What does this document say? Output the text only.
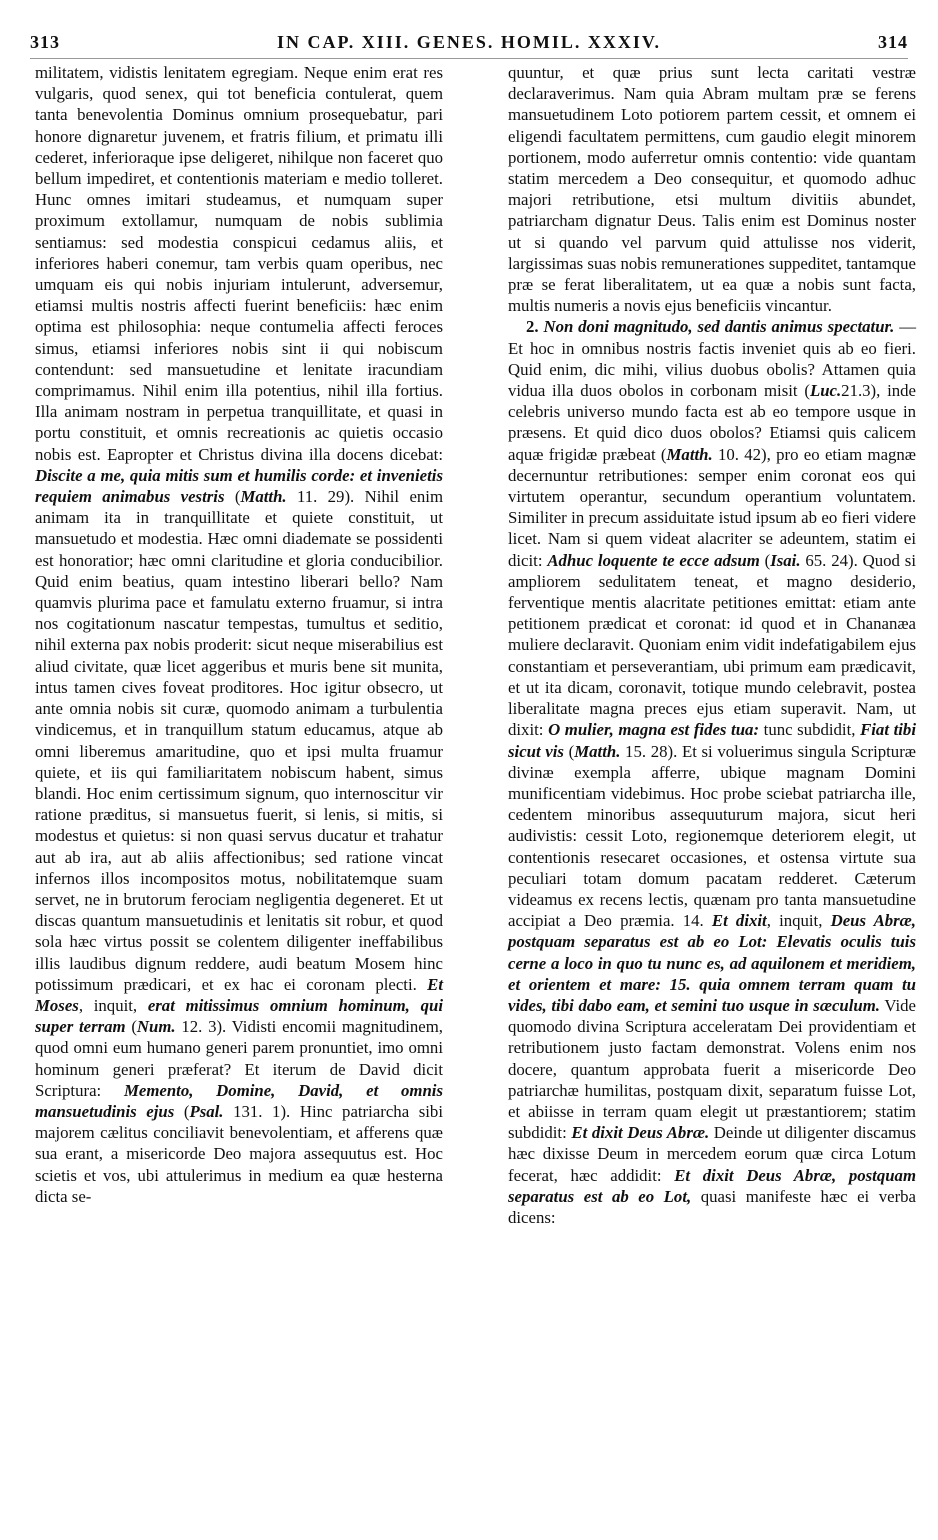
313	IN CAP. XIII. GENES. HOMIL. XXXIV.	314

militatem, vidistis lenitatem egregiam. Neque enim erat res vulgaris, quod senex, qui tot beneficia contulerat, quem tanta benevolentia Dominus omnium prosequebatur, pari honore dignaretur juvenem, et fratris filium, et primatu illi cederet, inferioraque ipse deligeret, nihilque non faceret quo bellum impediret, et contentionis materiam e medio tolleret. Hunc omnes imitari studeamus, et numquam super proximum extollamur, numquam de nobis sublimia sentiamus: sed modestia conspicui cedamus aliis, et inferiores haberi conemur, tam verbis quam operibus, nec umquam eis qui nobis injuriam intulerunt, adversemur, etiamsi multis nostris affecti fuerint beneficiis: hæc enim optima est philosophia: neque contumelia affecti feroces simus, etiamsi inferiores nobis sint ii qui nobiscum contendunt: sed mansuetudine et lenitate iracundiam comprimamus. Nihil enim illa potentius, nihil illa fortius. Illa animam nostram in perpetua tranquillitate, et quasi in portu constituit, et omnis recreationis ac quietis occasio nobis est. Eapropter et Christus divina illa docens dicebat: Discite a me, quia mitis sum et humilis corde: et invenietis requiem animabus vestris (Matth. 11. 29). Nihil enim animam ita in tranquillitate et quiete constituit, ut mansuetudo et modestia. Hæc omni diademate se possidenti est honoratior; hæc omni claritudine et gloria conducibilior. Quid enim beatius, quam intestino liberari bello? Nam quamvis plurima pace et famulatu externo fruamur, si intra nos cogitationum nascatur tempestas, tumultus et seditio, nihil externa pax nobis proderit: sicut neque miserabilius est aliud civitate, quæ licet aggeribus et muris bene sit munita, intus tamen cives foveat proditores. Hoc igitur obsecro, ut ante omnia nobis sit curæ, quomodo animam a turbulentia vindicemus, et in tranquillum statum educamus, atque ab omni liberemus amaritudine, quo et ipsi multa fruamur quiete, et iis qui familiaritatem nobiscum habent, simus blandi. Hoc enim certissimum signum, quo internoscitur vir ratione præditus, si mansuetus fuerit, si lenis, si mitis, si modestus et quietus: si non quasi servus ducatur et trahatur aut ab ira, aut ab aliis affectionibus; sed ratione vincat infernos illos incompositos motus, nobilitatemque suam servet, ne in brutorum ferociam negligentia degeneret. Et ut discas quantum mansuetudinis et lenitatis sit robur, et quod sola hæc virtus possit se colentem diligenter ineffabilibus illis laudibus dignum reddere, audi beatum Mosem hinc potissimum prædicari, et ex hac ei coronam plecti. Et Moses, inquit, erat mitissimus omnium hominum, qui super terram (Num. 12. 3). Vidisti encomii magnitudinem, quod omni eum humano generi parem pronuntiet, imo omni hominum generi præferat? Et iterum de David dicit Scriptura: Memento, Domine, David, et omnis mansuetudinis ejus (Psal. 131. 1). Hinc patriarcha sibi majorem cælitus conciliavit benevolentiam, et afferens quæ sua erant, a misericorde Deo majora assequutus est. Hoc scietis et vos, ubi attulerimus in medium ea quæ hesterna dicta se-

quuntur, et quæ prius sunt lecta caritati vestræ declaraverimus. Nam quia Abram multam præ se ferens mansuetudinem Loto potiorem partem cessit, et omnem ei eligendi facultatem permittens, cum gaudio elegit minorem portionem, modo auferretur omnis contentio: vide quantam statim mercedem a Deo consequitur, et quomodo adhuc majori retributione, etsi multum divitiis abundet, patriarcham dignatur Deus. Talis enim est Dominus noster ut si quando vel parvum quid attulisse nos viderit, largissimas suas nobis remunerationes suppeditet, tantamque præ se ferat liberalitatem, ut ea quæ a nobis sunt facta, multis numeris a novis ejus beneficiis vincantur.

2. Non doni magnitudo, sed dantis animus spectatur. — Et hoc in omnibus nostris factis inveniet quis ab eo fieri. Quid enim, dic mihi, vilius duobus obolis? Attamen quia vidua illa duos obolos in corbonam misit (Luc.21.3), inde celebris universo mundo facta est ab eo tempore usque in præsens. Et quid dico duos obolos? Etiamsi quis calicem aquæ frigidæ præbeat (Matth. 10. 42), pro eo etiam magnæ decernuntur retributiones: semper enim coronat eos qui virtutem operantur, secundum operantium voluntatem. Similiter in precum assiduitate istud ipsum ab eo fieri videre licet. Nam si quem videat alacriter se adeuntem, statim ei dicit: Adhuc loquente te ecce adsum (Isai. 65. 24). Quod si ampliorem sedulitatem teneat, et magno desiderio, ferventique mentis alacritate petitiones emittat: etiam ante petitionem prædicat et coronat: id quod et in Chananæa muliere declaravit. Quoniam enim vidit indefatigabilem ejus constantiam et perseverantiam, ubi primum eam prædicavit, et ut ita dicam, coronavit, totique mundo celebravit, postea liberalitate magna preces ejus etiam superavit. Nam, ut dixit: O mulier, magna est fides tua: tunc subdidit, Fiat tibi sicut vis (Matth. 15. 28). Et si voluerimus singula Scripturæ divinæ exempla afferre, ubique magnam Domini munificentiam videbimus. Hoc probe sciebat patriarcha ille, cedentem minoribus assequuturum majora, sicut heri audivistis: cessit Loto, regionemque deteriorem elegit, ut contentionis resecaret occasiones, et ostensa virtute sua peculiari totam domum pacatam redderet. Cæterum videamus ex recens lectis, quænam pro tanta mansuetudine accipiat a Deo præmia. 14. Et dixit, inquit, Deus Abræ, postquam separatus est ab eo Lot: Elevatis oculis tuis cerne a loco in quo tu nunc es, ad aquilonem et meridiem, et orientem et mare: 15. quia omnem terram quam tu vides, tibi dabo eam, et semini tuo usque in sæculum. Vide quomodo divina Scriptura acceleratam Dei providentiam et retributionem justo factam demonstrat. Volens enim nos docere, quantum approbata fuerit a misericorde Deo patriarchæ humilitas, postquam dixit, separatum fuisse Lot, et abiisse in terram quam elegit ut præstantiorem; statim subdidit: Et dixit Deus Abræ. Deinde ut diligenter discamus hæc dixisse Deum in mercedem eorum quæ circa Lotum fecerat, hæc addidit: Et dixit Deus Abræ, postquam separatus est ab eo Lot, quasi manifeste hæc ei verba dicens:
